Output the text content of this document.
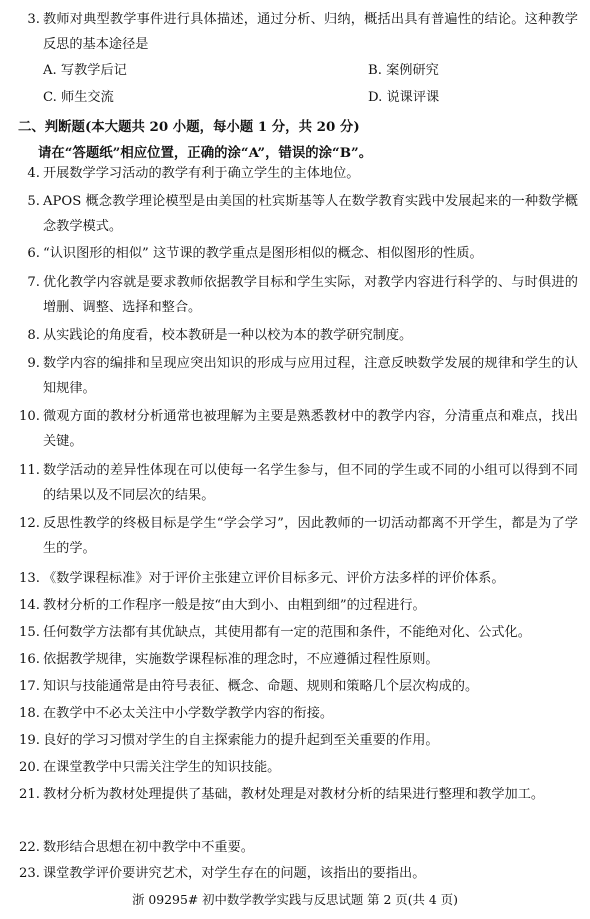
3. 教师对典型教学事件进行具体描述，通过分析、归纳，概括出具有普遍性的结论。这种教学反思的基本途径是
A. 写教学后记	B. 案例研究
C. 师生交流	D. 说课评课
二、判断题(本大题共 20 小题，每小题 1 分，共 20 分)
请在“答题纸”相应位置，正确的涂“A”，错误的涂“B”。
4. 开展数学学习活动的教学有利于确立学生的主体地位。
5. APOS 概念教学理论模型是由美国的杜宾斯基等人在数学教育实践中发展起来的一种数学概念教学模式。
6. “认识图形的相似” 这节课的教学重点是图形相似的概念、相似图形的性质。
7. 优化教学内容就是要求教师依据教学目标和学生实际，对教学内容进行科学的、与时俱进的增删、调整、选择和整合。
8. 从实践论的角度看，校本教研是一种以校为本的教学研究制度。
9. 数学内容的编排和呈现应突出知识的形成与应用过程，注意反映数学发展的规律和学生的认知规律。
10. 微观方面的教材分析通常也被理解为主要是熟悉教材中的教学内容，分清重点和难点，找出关键。
11. 数学活动的差异性体现在可以使每一名学生参与，但不同的学生或不同的小组可以得到不同的结果以及不同层次的结果。
12. 反思性教学的终极目标是学生“学会学习”，因此教师的一切活动都离不开学生，都是为了学生的学。
13. 《数学课程标准》对于评价主张建立评价目标多元、评价方法多样的评价体系。
14. 教材分析的工作程序一般是按“由大到小、由粗到细”的过程进行。
15. 任何数学方法都有其优缺点，其使用都有一定的范围和条件，不能绝对化、公式化。
16. 依据教学规律，实施数学课程标准的理念时，不应遵循过程性原则。
17. 知识与技能通常是由符号表征、概念、命题、规则和策略几个层次构成的。
18. 在教学中不必太关注中小学数学教学内容的衔接。
19. 良好的学习习惯对学生的自主探索能力的提升起到至关重要的作用。
20. 在课堂教学中只需关注学生的知识技能。
21. 教材分析为教材处理提供了基础，教材处理是对教材分析的结果进行整理和教学加工。
22. 数形结合思想在初中教学中不重要。
23. 课堂教学评价要讲究艺术，对学生存在的问题，该指出的要指出。
浙 09295# 初中数学教学实践与反思试题 第 2 页(共 4 页)
